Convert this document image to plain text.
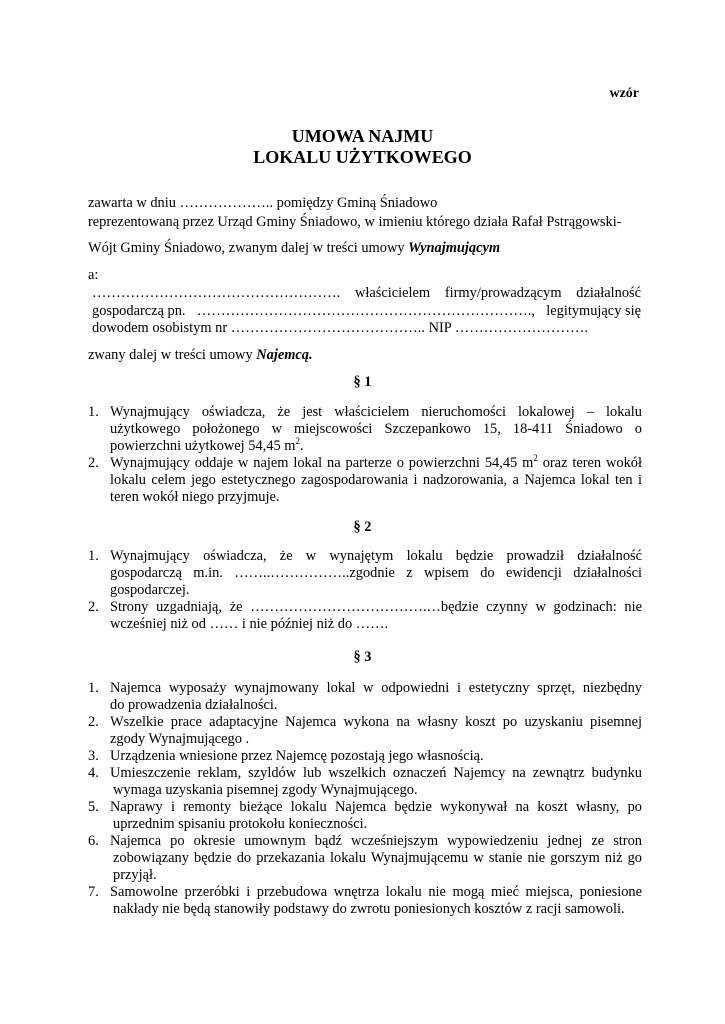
wzór
UMOWA NAJMU
LOKALU UŻYTKOWEGO
zawarta w dniu ……………….. pomiędzy Gminą Śniadowo
reprezentowaną przez Urząd Gminy Śniadowo, w imieniu którego działa Rafał Pstrągowski-
Wójt Gminy Śniadowo, zwanym dalej w treści umowy Wynajmującym
a:
……………………………………………. właścicielem firmy/prowadzącym działalność
gospodarczą pn. ……………………………………………………………., legitymujący się
dowodem osobistym nr ………………………………….. NIP ……………………….
zwany dalej w treści umowy Najemcą.
§ 1
1. Wynajmujący oświadcza, że jest właścicielem nieruchomości lokalowej – lokalu
użytkowego położonego w miejscowości Szczepankowo 15, 18-411 Śniadowo o
powierzchni użytkowej 54,45 $m^2$.
2. Wynajmujący oddaje w najem lokal na parterze o powierzchni 54,45 $m^2$ oraz teren wokół
lokalu celem jego estetycznego zagospodarowania i nadzorowania, a Najemca lokal ten i
teren wokół niego przyjmuje.
§ 2
1. Wynajmujący oświadcza, że w wynajętym lokalu będzie prowadził działalność
gospodarczą m.in. ……..……………..zgodnie z wpisem do ewidencji działalności
gospodarczej.
2. Strony uzgadniają, że ……………………………….…będzie czynny w godzinach: nie
wcześniej niż od …… i nie później niż do …….
§ 3
1. Najemca wyposaży wynajmowany lokal w odpowiedni i estetyczny sprzęt, niezbędny
do prowadzenia działalności.
2. Wszelkie prace adaptacyjne Najemca wykona na własny koszt po uzyskaniu pisemnej
zgody Wynajmującego .
3. Urządzenia wniesione przez Najemcę pozostają jego własnością.
4. Umieszczenie reklam, szyldów lub wszelkich oznaczeń Najemcy na zewnątrz budynku
wymaga uzyskania pisemnej zgody Wynajmującego.
5. Naprawy i remonty bieżące lokalu Najemca będzie wykonywał na koszt własny, po
uprzednim spisaniu protokołu konieczności.
6. Najemca po okresie umownym bądź wcześniejszym wypowiedzeniu jednej ze stron
zobowiązany będzie do przekazania lokalu Wynajmującemu w stanie nie gorszym niż go
przyjął.
7. Samowolne przeróbki i przebudowa wnętrza lokalu nie mogą mieć miejsca, poniesione
nakłady nie będą stanowiły podstawy do zwrotu poniesionych kosztów z racji samowoli.
